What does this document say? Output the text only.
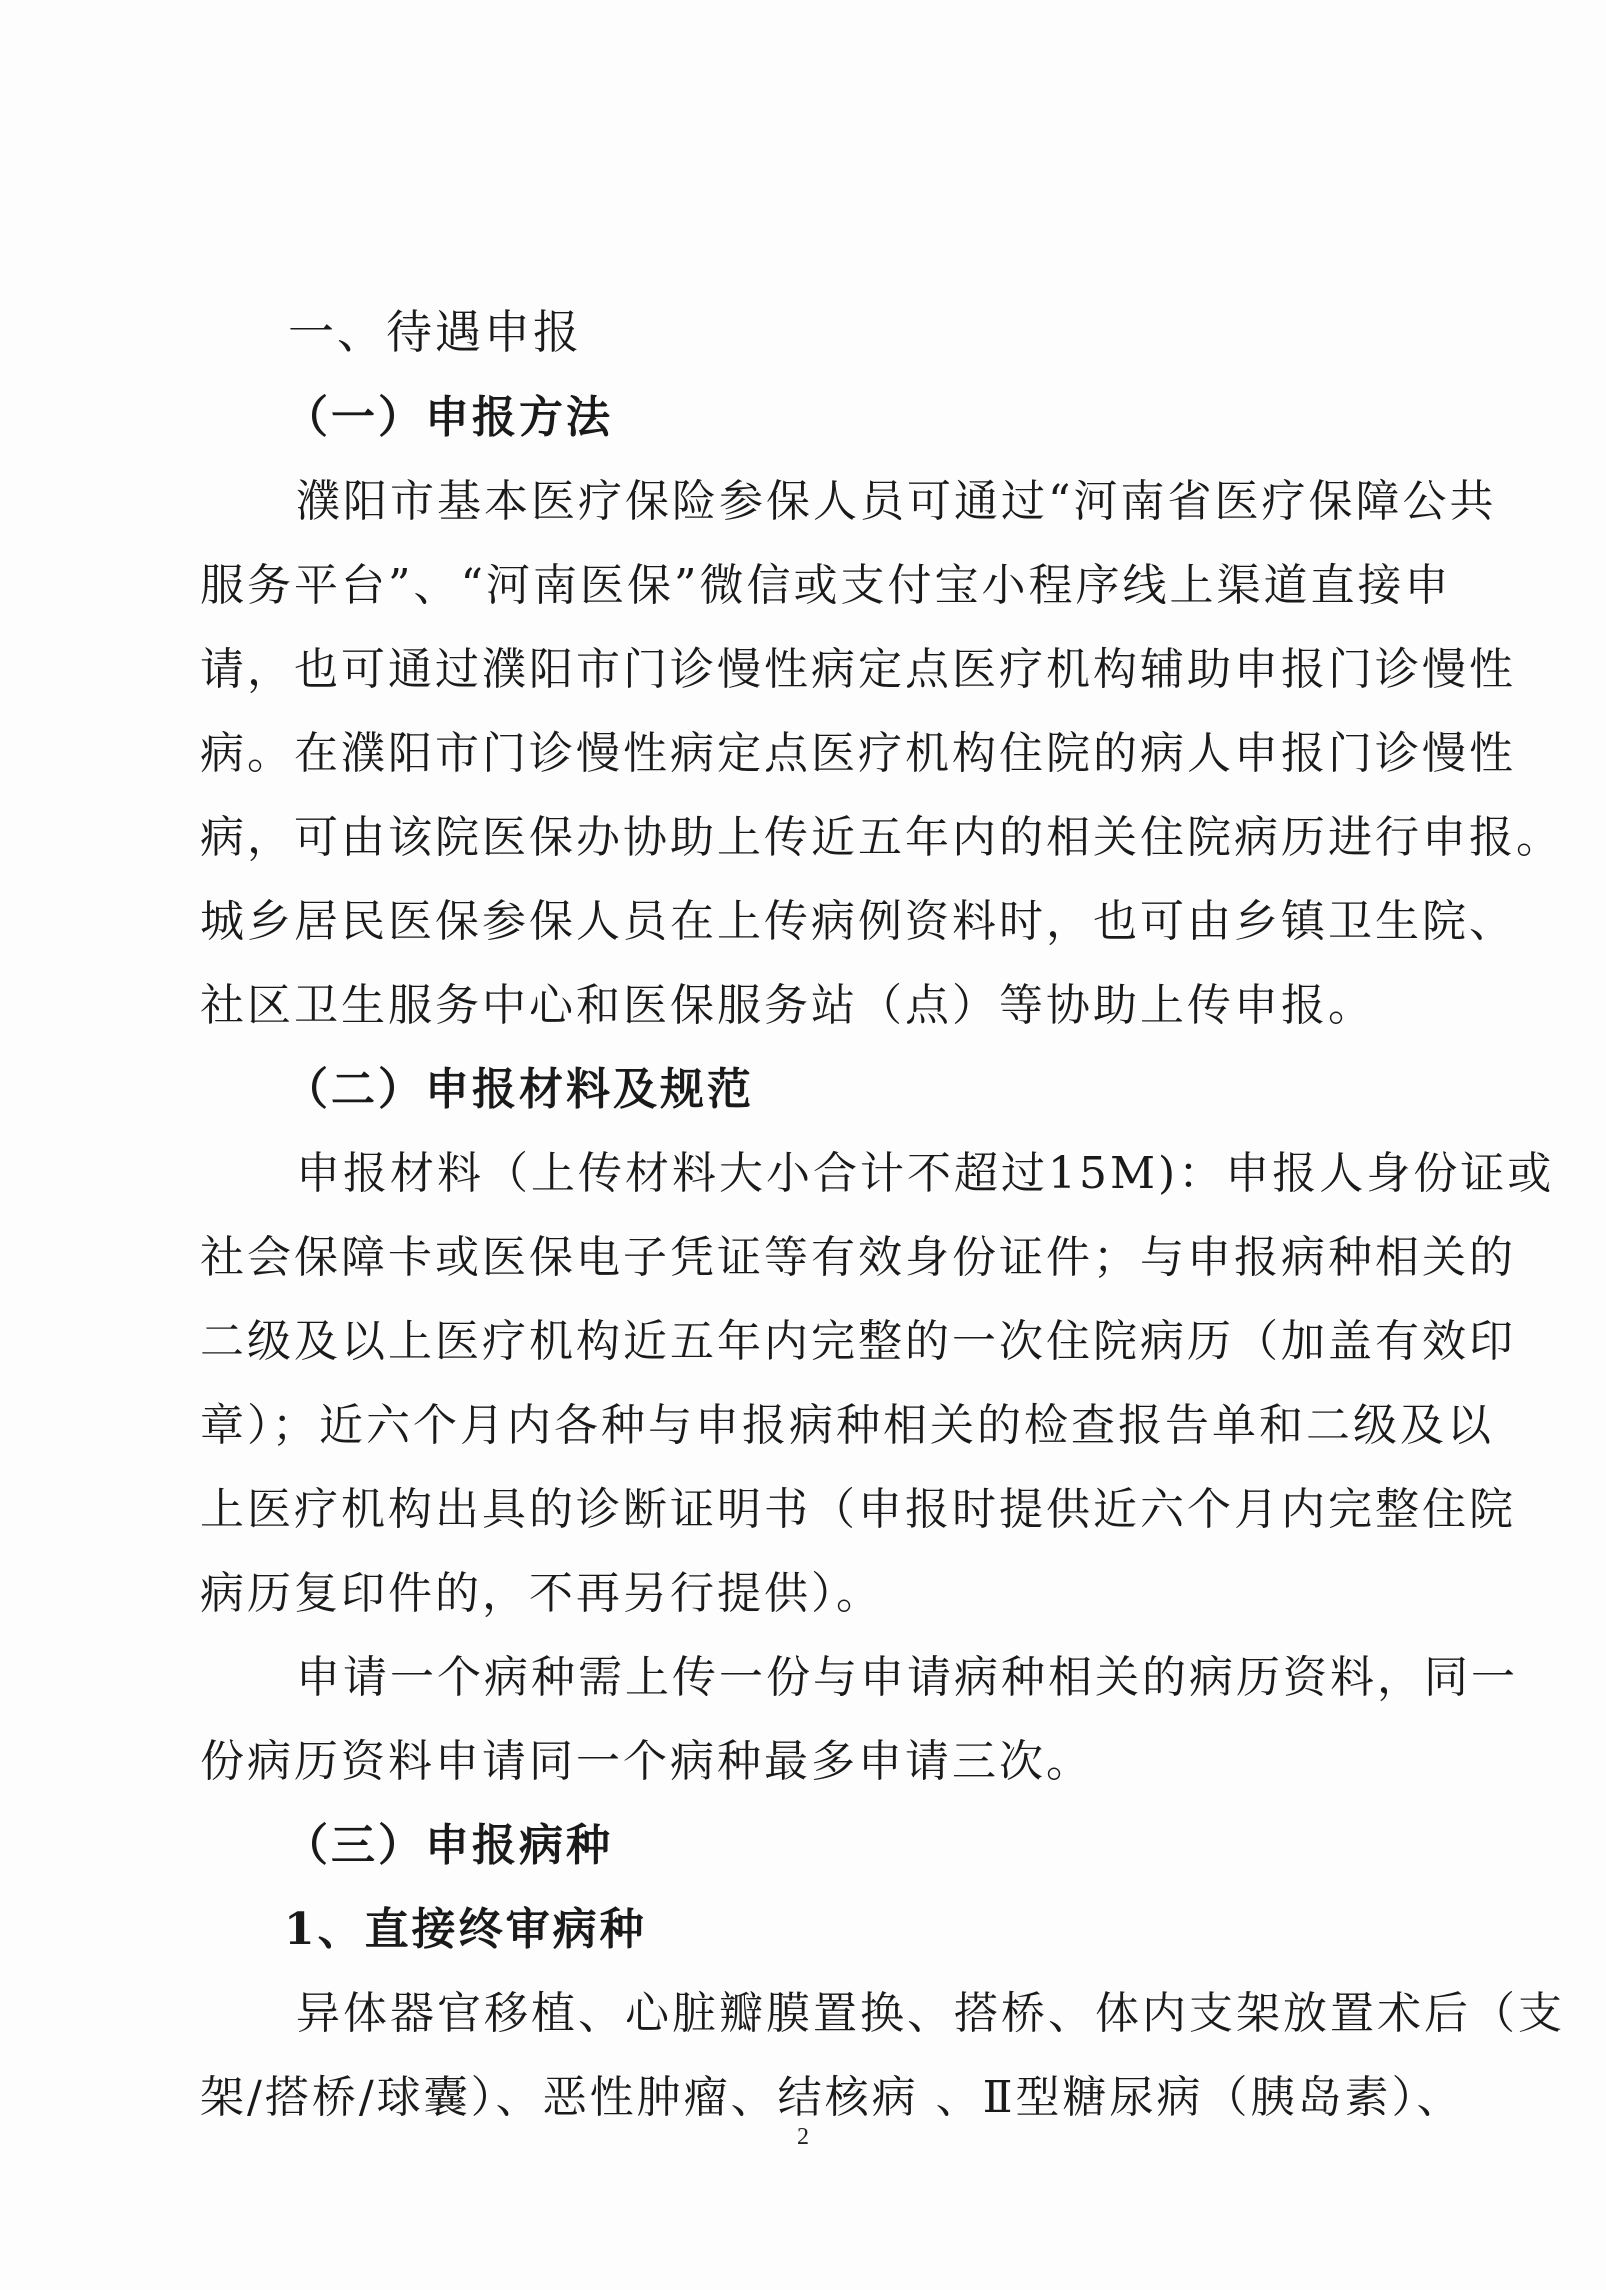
一、待遇申报
（一）申报方法
濮阳市基本医疗保险参保人员可通过“河南省医疗保障公共
服务平台”、“河南医保”微信或支付宝小程序线上渠道直接申
请，也可通过濮阳市门诊慢性病定点医疗机构辅助申报门诊慢性
病。在濮阳市门诊慢性病定点医疗机构住院的病人申报门诊慢性
病，可由该院医保办协助上传近五年内的相关住院病历进行申报。
城乡居民医保参保人员在上传病例资料时，也可由乡镇卫生院、
社区卫生服务中心和医保服务站（点）等协助上传申报。
（二）申报材料及规范
申报材料（上传材料大小合计不超过15M)：申报人身份证或
社会保障卡或医保电子凭证等有效身份证件；与申报病种相关的
二级及以上医疗机构近五年内完整的一次住院病历（加盖有效印
章）；近六个月内各种与申报病种相关的检查报告单和二级及以
上医疗机构出具的诊断证明书（申报时提供近六个月内完整住院
病历复印件的，不再另行提供）。
申请一个病种需上传一份与申请病种相关的病历资料，同一
份病历资料申请同一个病种最多申请三次。
（三）申报病种
1、直接终审病种
异体器官移植、心脏瓣膜置换、搭桥、体内支架放置术后（支
架/搭桥/球囊）、恶性肿瘤、结核病 、Ⅱ型糖尿病（胰岛素）、
2
